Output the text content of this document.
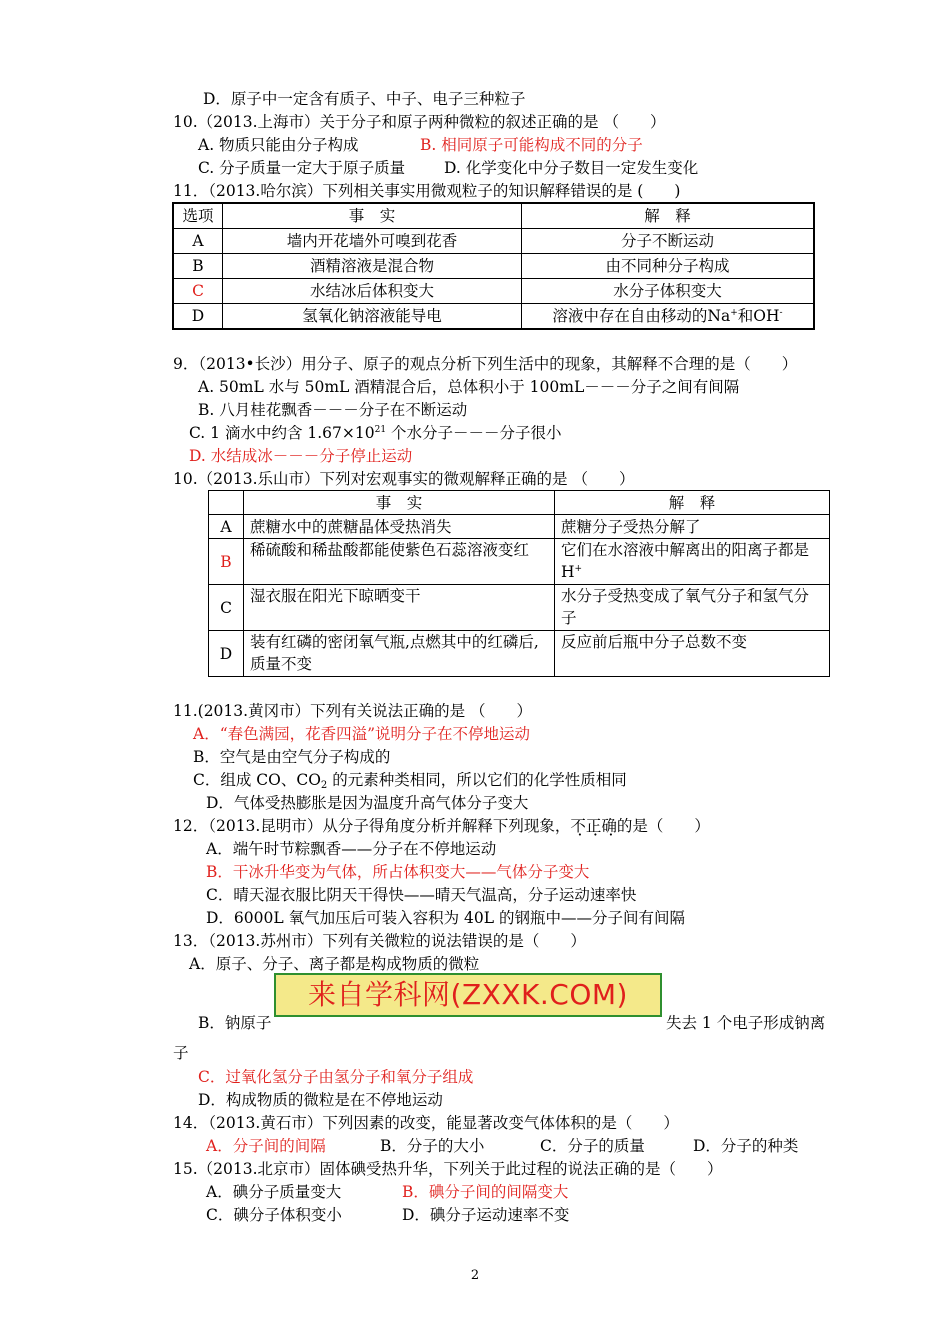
D．原子中一定含有质子、中子、电子三种粒子
10.（2013.上海市）关于分子和原子两种微粒的叙述正确的是 （　　）
A. 物质只能由分子构成	B. 相同原子可能构成不同的分子
C. 分子质量一定大于原子质量	D. 化学变化中分子数目一定发生变化
11．（2013.哈尔滨）下列相关事实用微观粒子的知识解释错误的是 (　　)
选项	事　实	解　释
A	墙内开花墙外可嗅到花香	分子不断运动
B	酒精溶液是混合物	由不同种分子构成
C	水结冰后体积变大	水分子体积变大
D	氢氧化钠溶液能导电	溶液中存在自由移动的Na+和OH-
9．（2013•长沙）用分子、原子的观点分析下列生活中的现象，其解释不合理的是（　　）
A. 50mL 水与 50mL 酒精混合后，总体积小于 100mL－－－分子之间有间隔
B. 八月桂花飘香－－－分子在不断运动
C. 1 滴水中约含 $1.67\times 10^{21}$ 个水分子－－－分子很小
D. 水结成冰－－－分子停止运动
10.（2013.乐山市）下列对宏观事实的微观解释正确的是 （　　）
	事　实	解　释
A	蔗糖水中的蔗糖晶体受热消失	蔗糖分子受热分解了
B	稀硫酸和稀盐酸都能使紫色石蕊溶液变红	它们在水溶液中解离出的阳离子都是 H+
C	湿衣服在阳光下晾晒变干	水分子受热变成了氧气分子和氢气分子
D	装有红磷的密闭氧气瓶,点燃其中的红磷后,质量不变	反应前后瓶中分子总数不变
11.(2013.黄冈市）下列有关说法正确的是 （　　）
A．“春色满园，花香四溢”说明分子在不停地运动
B．空气是由空气分子构成的
C．组成 CO、$CO_2$ 的元素种类相同，所以它们的化学性质相同
D．气体受热膨胀是因为温度升高气体分子变大
12．（2013.昆明市）从分子得角度分析并解释下列现象，不正确的是（　　）
A．端午时节粽飘香——分子在不停地运动
B．干冰升华变为气体，所占体积变大——气体分子变大
C．晴天湿衣服比阴天干得快——晴天气温高，分子运动速率快
D．6000L 氧气加压后可装入容积为 40L 的钢瓶中——分子间有间隔
13．（2013.苏州市）下列有关微粒的说法错误的是（　　）
A．原子、分子、离子都是构成物质的微粒
来自学科网(ZXXK.COM)
B．钠原子	失去 1 个电子形成钠离
子
C．过氧化氢分子由氢分子和氧分子组成
D．构成物质的微粒是在不停地运动
14．（2013.黄石市）下列因素的改变，能显著改变气体体积的是（　　）
A．分子间的间隔	B．分子的大小	C．分子的质量	D．分子的种类
15.（2013.北京市）固体碘受热升华，下列关于此过程的说法正确的是（　　）
A．碘分子质量变大	B．碘分子间的间隔变大
C．碘分子体积变小	D．碘分子运动速率不变
2
